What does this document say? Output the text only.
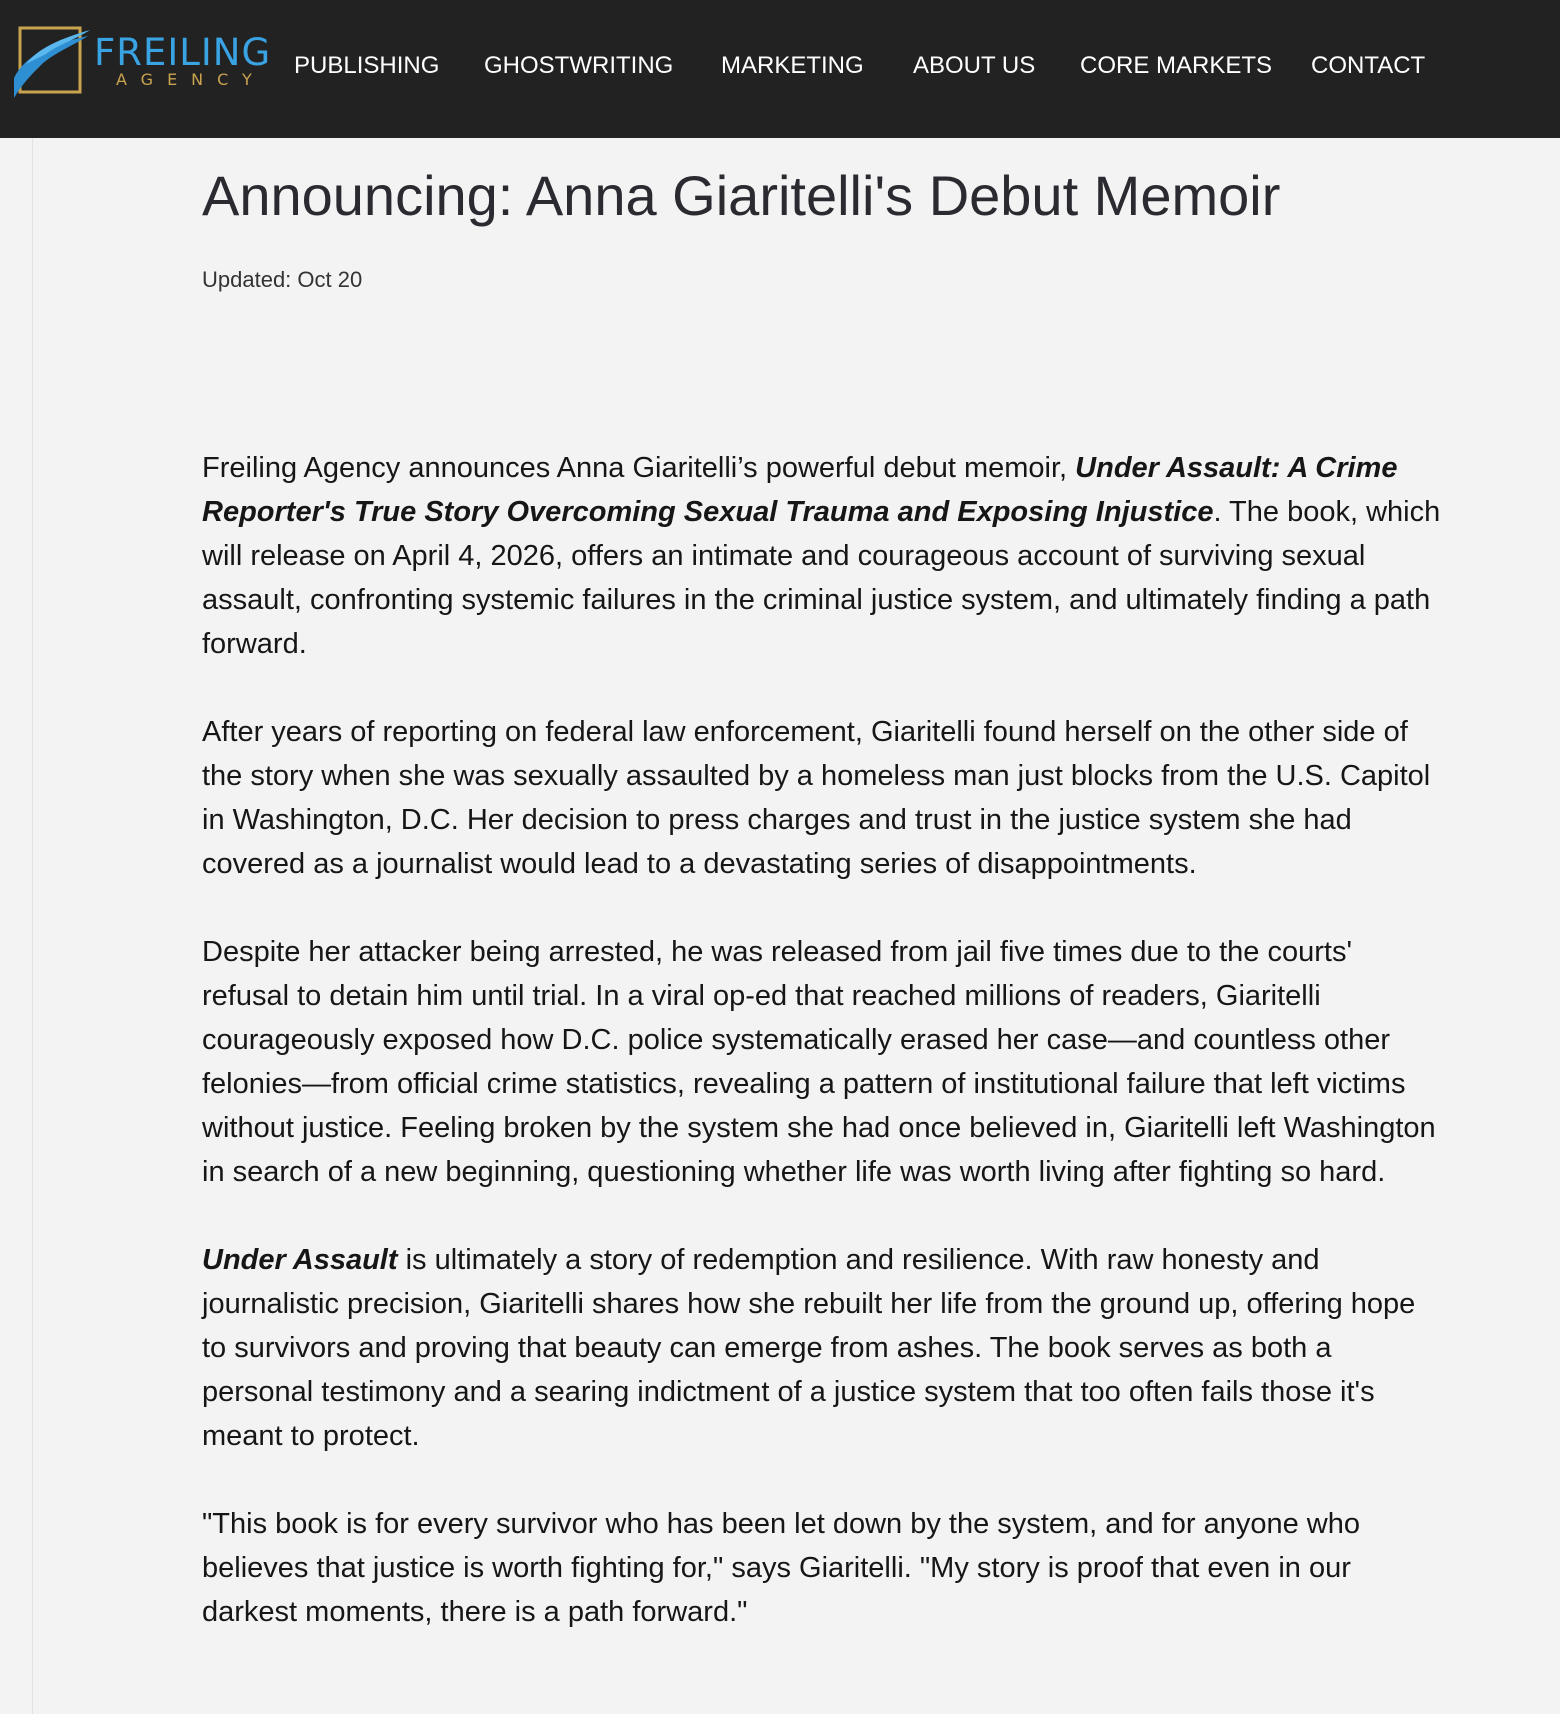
FREILING
AGENCY
PUBLISHING GHOSTWRITING MARKETING ABOUT US CORE MARKETS CONTACT
Announcing: Anna Giaritelli's Debut Memoir
Updated: Oct 20

Freiling Agency announces Anna Giaritelli’s powerful debut memoir, Under Assault: A Crime Reporter's True Story Overcoming Sexual Trauma and Exposing Injustice. The book, which will release on April 4, 2026, offers an intimate and courageous account of surviving sexual assault, confronting systemic failures in the criminal justice system, and ultimately finding a path forward.

After years of reporting on federal law enforcement, Giaritelli found herself on the other side of the story when she was sexually assaulted by a homeless man just blocks from the U.S. Capitol in Washington, D.C. Her decision to press charges and trust in the justice system she had covered as a journalist would lead to a devastating series of disappointments.

Despite her attacker being arrested, he was released from jail five times due to the courts' refusal to detain him until trial. In a viral op-ed that reached millions of readers, Giaritelli courageously exposed how D.C. police systematically erased her case—and countless other felonies—from official crime statistics, revealing a pattern of institutional failure that left victims without justice. Feeling broken by the system she had once believed in, Giaritelli left Washington in search of a new beginning, questioning whether life was worth living after fighting so hard.

Under Assault is ultimately a story of redemption and resilience. With raw honesty and journalistic precision, Giaritelli shares how she rebuilt her life from the ground up, offering hope to survivors and proving that beauty can emerge from ashes. The book serves as both a personal testimony and a searing indictment of a justice system that too often fails those it's meant to protect.

"This book is for every survivor who has been let down by the system, and for anyone who believes that justice is worth fighting for," says Giaritelli. "My story is proof that even in our darkest moments, there is a path forward."
